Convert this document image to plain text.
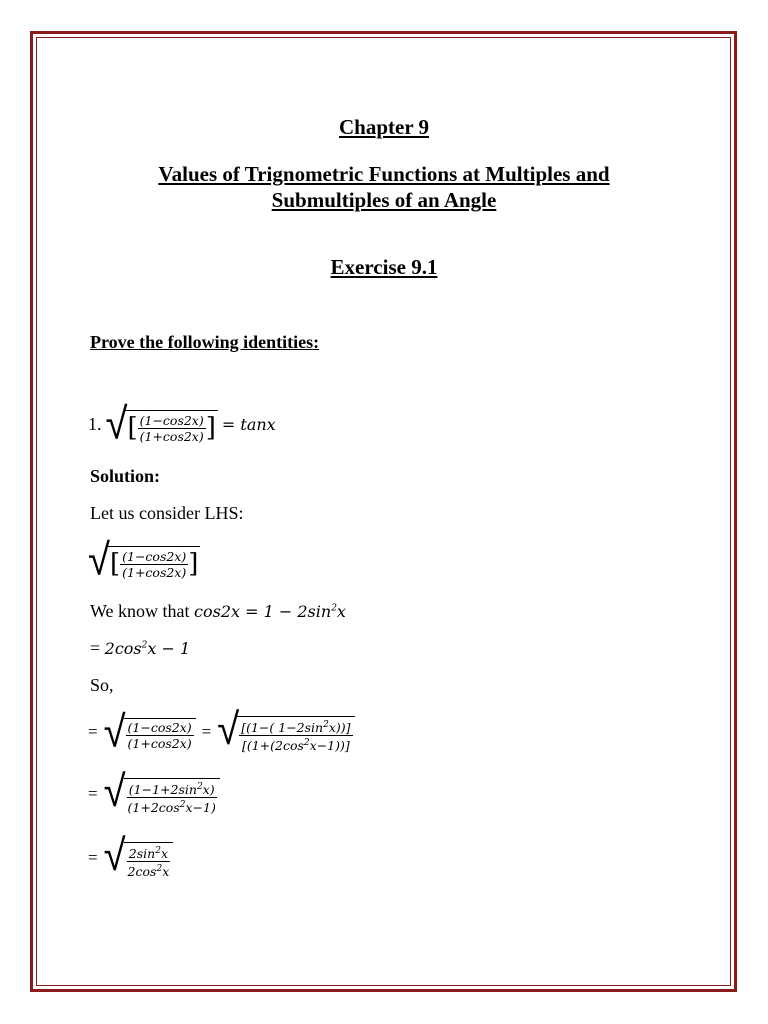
Chapter 9
Values of Trignometric Functions at Multiples and
Submultiples of an Angle
Exercise 9.1
Prove the following identities:
1. √ [ $\frac{(1-\cos 2x)}{(1+\cos 2x)}$ ] = tanx
Solution:
Let us consider LHS:
√ [ $\frac{(1-\cos 2x)}{(1+\cos 2x)}$ ]
We know that $\cos 2x = 1 - 2\sin^2x$
= $2\cos^2x - 1$
So,
= √ $\frac{(1-\cos 2x)}{(1+\cos 2x)}$ = √ $\frac{[(1-( 1-2\sin^2x))]}{[(1+(2\cos^2x-1))]}$
= √ $\frac{(1-1+2\sin^2x)}{(1+2\cos^2x-1)}$
= √ $\frac{2\sin^2x}{2\cos^2x}$
